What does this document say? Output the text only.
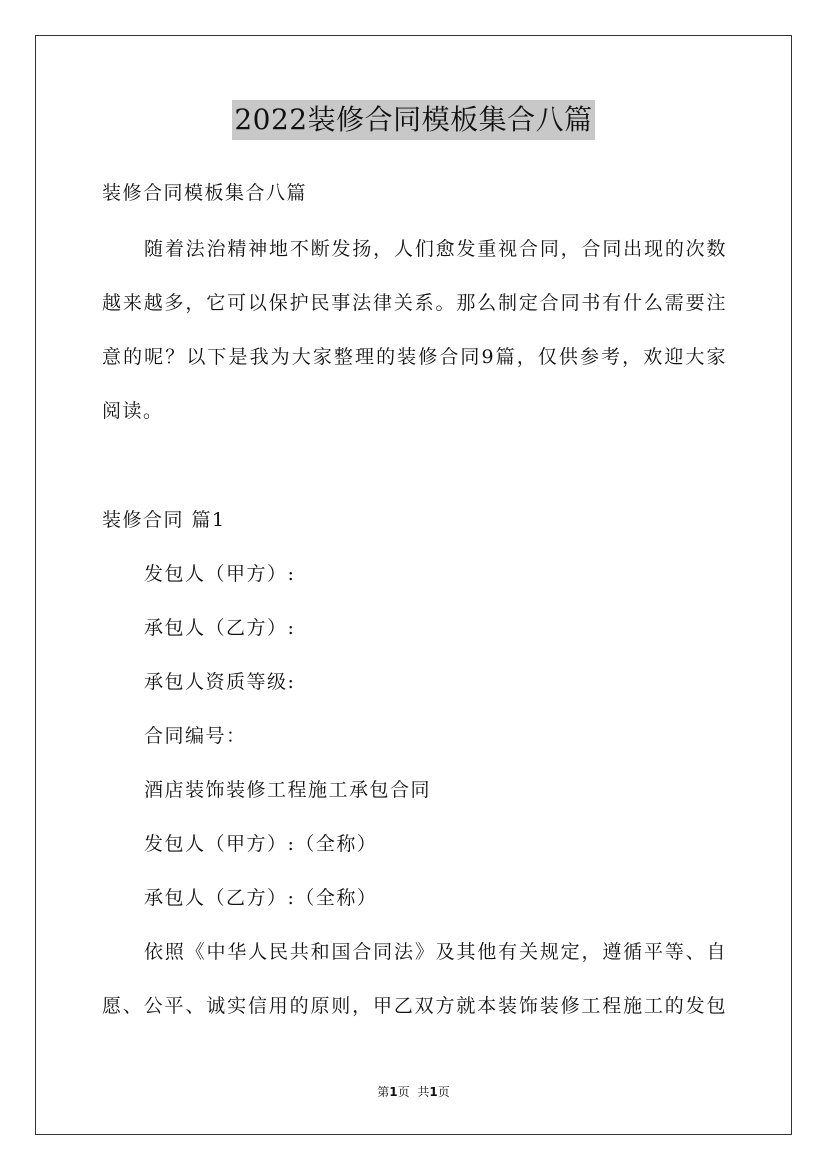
2022装修合同模板集合八篇
装修合同模板集合八篇
随着法治精神地不断发扬，人们愈发重视合同，合同出现的次数
越来越多，它可以保护民事法律关系。那么制定合同书有什么需要注
意的呢？以下是我为大家整理的装修合同9篇，仅供参考，欢迎大家
阅读。
装修合同 篇1
发包人（甲方）:
承包人（乙方）:
承包人资质等级:
合同编号：
酒店装饰装修工程施工承包合同
发包人（甲方）:（全称）
承包人（乙方）:（全称）
依照《中华人民共和国合同法》及其他有关规定，遵循平等、自
愿、公平、诚实信用的原则，甲乙双方就本装饰装修工程施工的发包
第1页 共1页
